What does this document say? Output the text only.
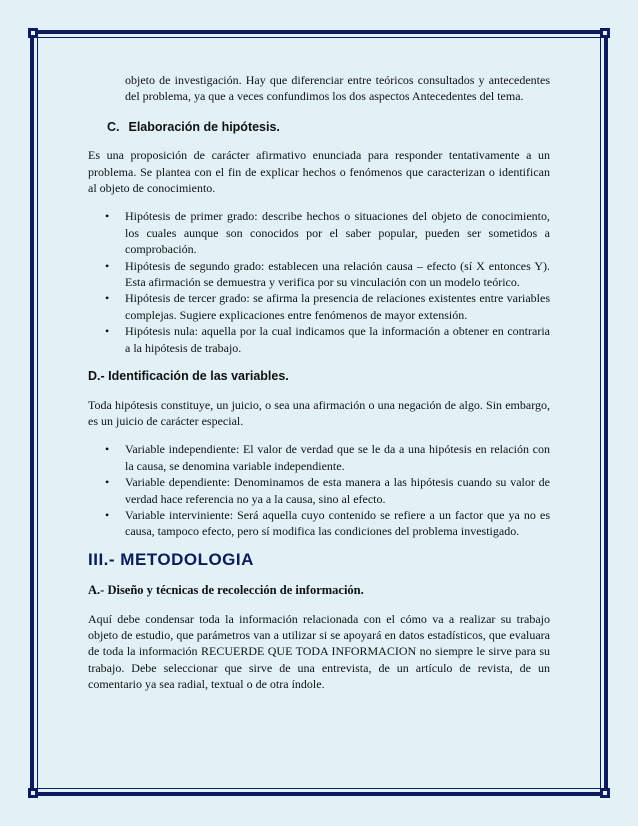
objeto de investigación. Hay que diferenciar entre teóricos consultados y antecedentes del problema, ya que a veces confundimos los dos aspectos Antecedentes del tema.

C. Elaboración de hipótesis.

Es una proposición de carácter afirmativo enunciada para responder tentativamente a un problema. Se plantea con el fin de explicar hechos o fenómenos que caracterizan o identifican al objeto de conocimiento.

• Hipótesis de primer grado: describe hechos o situaciones del objeto de conocimiento, los cuales aunque son conocidos por el saber popular, pueden ser sometidos a comprobación.
• Hipótesis de segundo grado: establecen una relación causa – efecto (sí X entonces Y). Esta afirmación se demuestra y verifica por su vinculación con un modelo teórico.
• Hipótesis de tercer grado: se afirma la presencia de relaciones existentes entre variables complejas. Sugiere explicaciones entre fenómenos de mayor extensión.
• Hipótesis nula: aquella por la cual indicamos que la información a obtener en contraria a la hipótesis de trabajo.
D.- Identificación de las variables.

Toda hipótesis constituye, un juicio, o sea una afirmación o una negación de algo. Sin embargo, es un juicio de carácter especial.

• Variable independiente: El valor de verdad que se le da a una hipótesis en relación con la causa, se denomina variable independiente.
• Variable dependiente: Denominamos de esta manera a las hipótesis cuando su valor de verdad hace referencia no ya a la causa, sino al efecto.
• Variable interviniente: Será aquella cuyo contenido se refiere a un factor que ya no es causa, tampoco efecto, pero sí modifica las condiciones del problema investigado.
III.- METODOLOGIA
A.- Diseño y técnicas de recolección de información.

Aquí debe condensar toda la información relacionada con el cómo va a realizar su trabajo objeto de estudio, que parámetros van a utilizar si se apoyará en datos estadísticos, que evaluara de toda la información RECUERDE QUE TODA INFORMACION no siempre le sirve para su trabajo. Debe seleccionar que sirve de una entrevista, de un artículo de revista, de un comentario ya sea radial, textual o de otra índole.
